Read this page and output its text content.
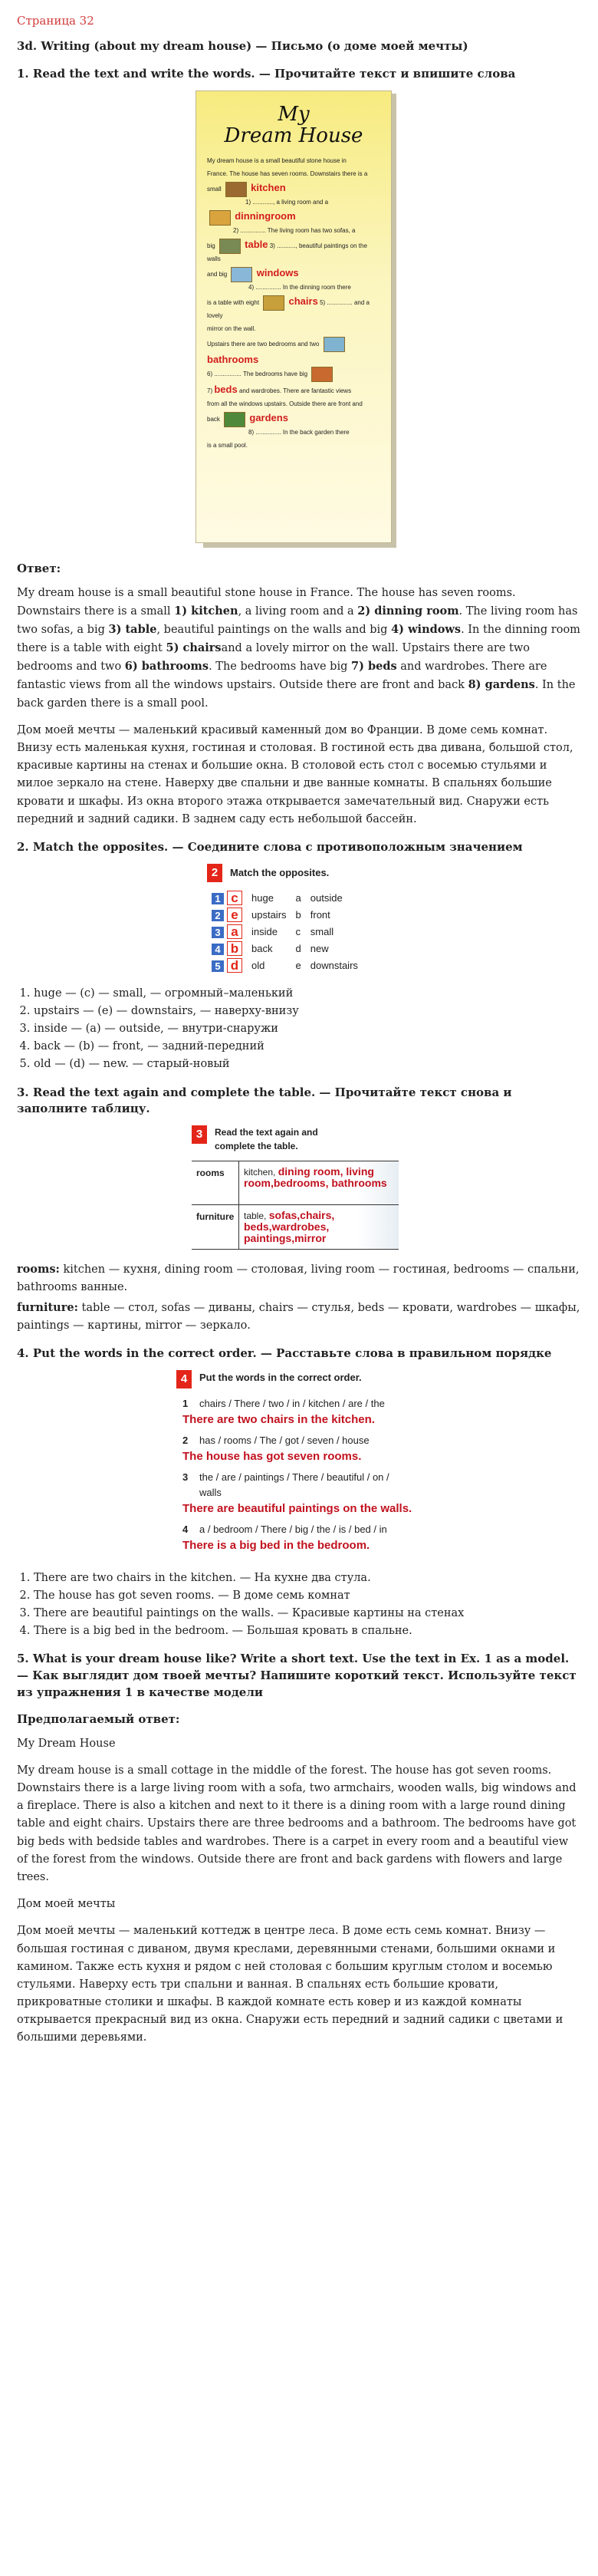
Страница 32
3d. Writing (about my dream house) — Письмо (о доме моей мечты)
1. Read the text and write the words. — Прочитайте текст и впишите слова
My
Dream House
My dream house is a small beautiful stone house in
France. The house has seven rooms. Downstairs there is a
small	kitchen
1) ............, a living room and a
dinningroom
2) ............... The living room has two sofas, a
big	table 3) ..........., beautiful paintings on the walls
and big	windows
4) ............... In the dinning room there
is a table with eight	chairs 5) ............... and a lovely
mirror on the wall.
Upstairs there are two bedrooms and two
bathrooms
6) ................ The bedrooms have big
7) beds and wardrobes. There are fantastic views
from all the windows upstairs. Outside there are front and
back	gardens
8) ............... In the back garden there
is a small pool.
Ответ:

My dream house is a small beautiful stone house in France. The house has seven rooms. Downstairs there is a small 1) kitchen, a living room and a 2) dinning room. The living room has two sofas, a big 3) table, beautiful paintings on the walls and big 4) windows. In the dinning room there is a table with eight 5) chairsand a lovely mirror on the wall. Upstairs there are two bedrooms and two 6) bathrooms. The bedrooms have big 7) beds and wardrobes. There are fantastic views from all the windows upstairs. Outside there are front and back 8) gardens. In the back garden there is a small pool.

Дом моей мечты — маленький красивый каменный дом во Франции. В доме семь комнат. Внизу есть маленькая кухня, гостиная и столовая. В гостиной есть два дивана, большой стол, красивые картины на стенах и большие окна. В столовой есть стол с восемью стульями и милое зеркало на стене. Наверху две спальни и две ванные комнаты. В спальнях большие кровати и шкафы. Из окна второго этажа открывается замечательный вид. Снаружи есть передний и задний садики. В заднем саду есть небольшой бассейн.

2. Match the opposites. — Соедините слова с противоположным значением
2	Match the opposites.
1 c	huge	a	outside
2 e	upstairs	b	front
3 a	inside	c	small
4 b	back	d	new
5 d	old	e	downstairs
1. huge — (c) — small, — огромный–маленький
2. upstairs — (e) — downstairs, — наверху-внизу
3. inside — (a) — outside, — внутри-снаружи
4. back — (b) — front, — задний-передний
5. old — (d) — new. — старый-новый
3. Read the text again and complete the table. — Прочитайте текст снова и заполните таблицу.
3	Read the text again and complete the table.
rooms	kitchen, dining room, living room,bedrooms, bathrooms
furniture	table, sofas,chairs, beds,wardrobes, paintings,mirror

rooms: kitchen — кухня, dining room — столовая, living room — гостиная, bedrooms — спальни, bathrooms ванные.

furniture: table — стол, sofas — диваны, chairs — стулья, beds — кровати, wardrobes — шкафы, paintings — картины, mirror — зеркало.

4. Put the words in the correct order. — Расставьте слова в правильном порядке
4	Put the words in the correct order.
1	chairs / There / two / in / kitchen / are / the
There are two chairs in the kitchen.
2	has / rooms / The / got / seven / house
The house has got seven rooms.
3	the / are / paintings / There / beautiful / on / walls
There are beautiful paintings on the walls.
4	a / bedroom / There / big / the / is / bed / in
There is a big bed in the bedroom.
1. There are two chairs in the kitchen. — На кухне два стула.
2. The house has got seven rooms. — В доме семь комнат
3. There are beautiful paintings on the walls. — Красивые картины на стенах
4. There is a big bed in the bedroom. — Большая кровать в спальне.
5. What is your dream house like? Write a short text. Use the text in Ex. 1 as a model. — Как выглядит дом твоей мечты? Напишите короткий текст. Используйте текст из упражнения 1 в качестве модели
Предполагаемый ответ:

My Dream House

My dream house is a small cottage in the middle of the forest. The house has got seven rooms. Downstairs there is a large living room with a sofa, two armchairs, wooden walls, big windows and a fireplace. There is also a kitchen and next to it there is a dining room with a large round dining table and eight chairs. Upstairs there are three bedrooms and a bathroom. The bedrooms have got big beds with bedside tables and wardrobes. There is a carpet in every room and a beautiful view of the forest from the windows. Outside there are front and back gardens with flowers and large trees.

Дом моей мечты

Дом моей мечты — маленький коттедж в центре леса. В доме есть семь комнат. Внизу — большая гостиная с диваном, двумя креслами, деревянными стенами, большими окнами и камином. Также есть кухня и рядом с ней столовая с большим круглым столом и восемью стульями. Наверху есть три спальни и ванная. В спальнях есть большие кровати, прикроватные столики и шкафы. В каждой комнате есть ковер и из каждой комнаты открывается прекрасный вид из окна. Снаружи есть передний и задний садики с цветами и большими деревьями.
